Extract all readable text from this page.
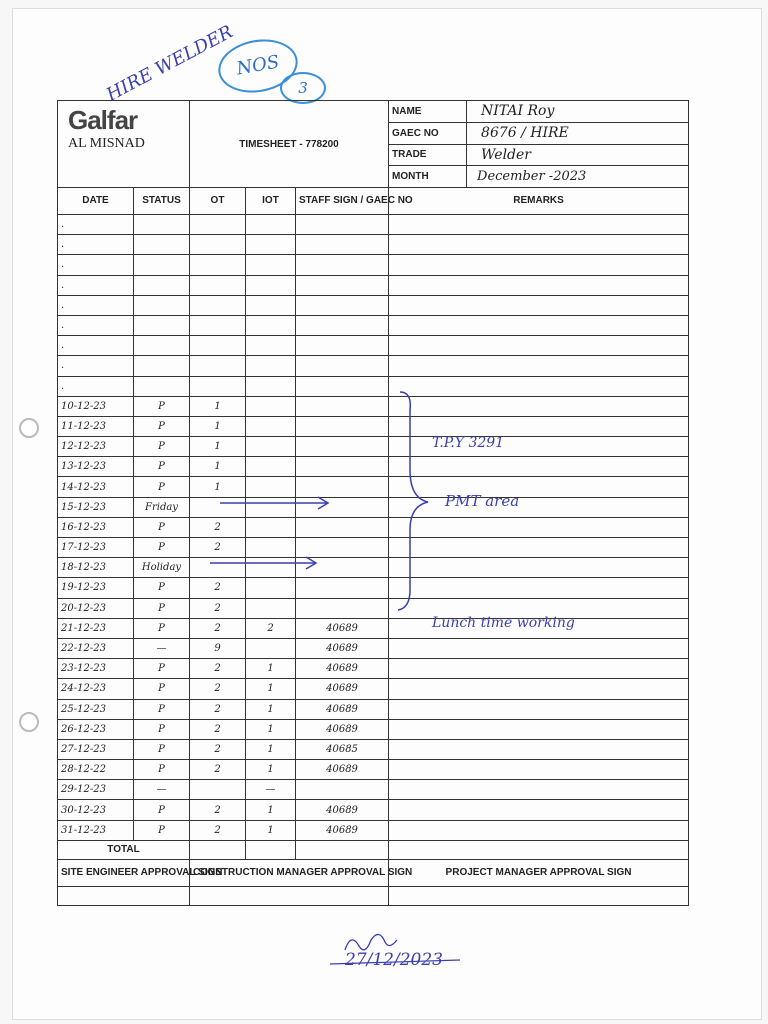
HIRE WELDER
NOS
3
Galfar
AL MISNAD		TIMESHEET - 778200			NAME	NITAI Roy
					GAEC NO	8676 / HIRE
					TRADE	Welder
					MONTH	December -2023
DATE	STATUS	OT	IOT	STAFF SIGN / GAEC NO	REMARKS	
.						
.						
.						
.						
.						
.						
.						
.						
.						
10-12-23	P	1				
11-12-23	P	1				
12-12-23	P	1				
13-12-23	P	1				
14-12-23	P	1				
15-12-23	Friday					
16-12-23	P	2				
17-12-23	P	2				
18-12-23	Holiday					
19-12-23	P	2				
20-12-23	P	2				
21-12-23	P	2	2	40689		
22-12-23	—	9		40689		
23-12-23	P	2	1	40689		
24-12-23	P	2	1	40689		
25-12-23	P	2	1	40689		
26-12-23	P	2	1	40689		
27-12-23	P	2	1	40685		
28-12-22	P	2	1	40689		
29-12-23	—		—			
30-12-23	P	2	1	40689		
31-12-23	P	2	1	40689		
TOTAL						
SITE ENGINEER APPROVAL SIGN		CONSTRUCTION MANAGER APPROVAL SIGN			PROJECT MANAGER APPROVAL SIGN	

T.P.Y 3291
PMT area
Lunch time working
27/12/2023
